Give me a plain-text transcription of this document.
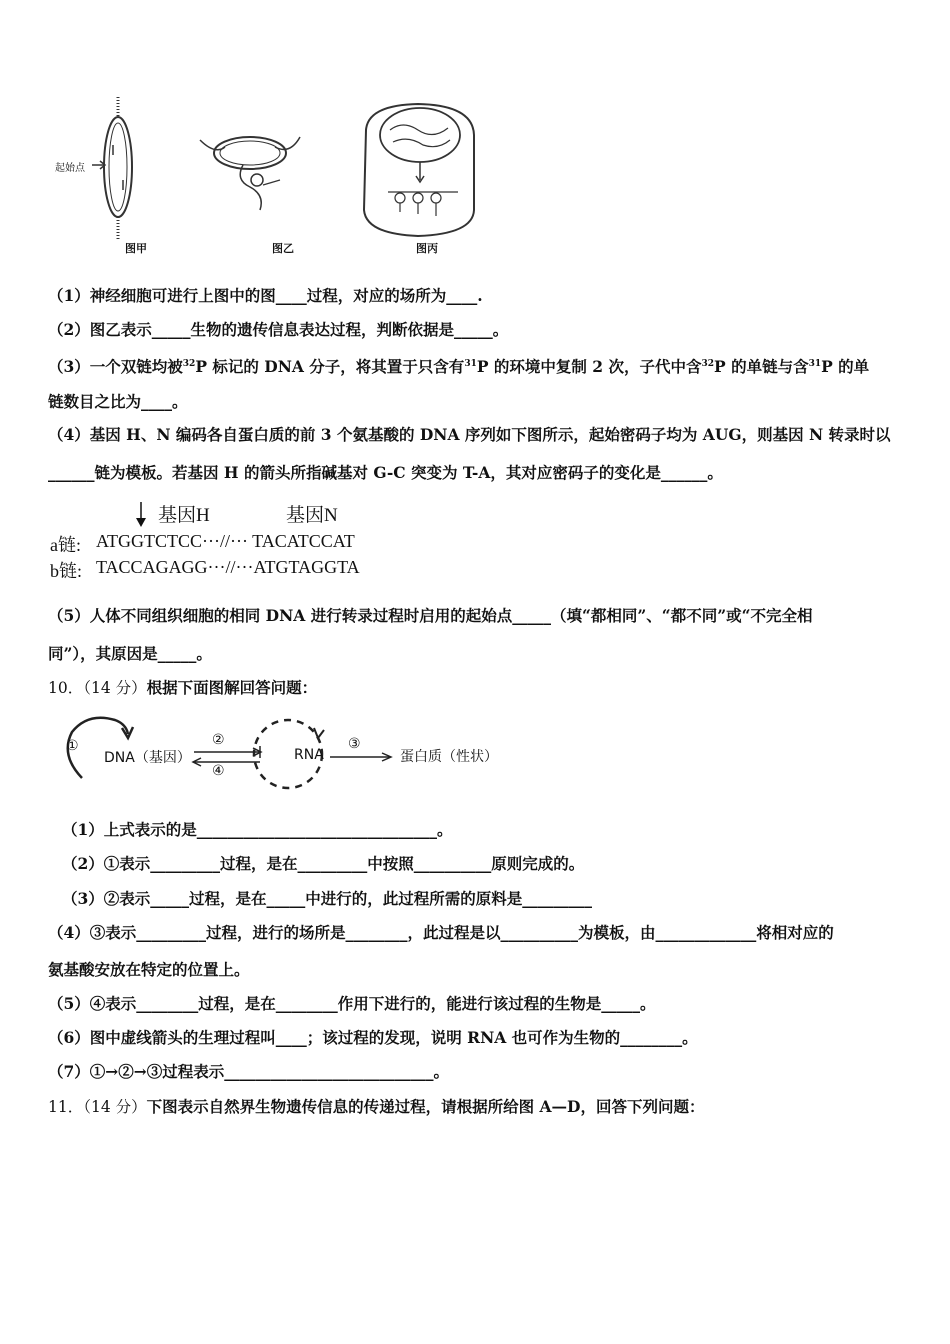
起始点
图甲	图乙	图丙
（1）神经细胞可进行上图中的图____过程，对应的场所为____.
（2）图乙表示_____生物的遗传信息表达过程，判断依据是_____。
（3）一个双链均被$^{32}$P 标记的 DNA 分子，将其置于只含有$^{31}$P 的环境中复制 2 次，子代中含$^{32}$P 的单链与含$^{31}$P 的单
链数目之比为____。
（4）基因 H、N 编码各自蛋白质的前 3 个氨基酸的 DNA 序列如下图所示，起始密码子均为 AUG，则基因 N 转录时以
______链为模板。若基因 H 的箭头所指碱基对 G-C 突变为 T-A，其对应密码子的变化是______。
基因H	基因N
a链: ATGGTCTCC···//··· TACATCCAT
b链: TACCAGAGG···//···ATGTAGGTA
（5）人体不同组织细胞的相同 DNA 进行转录过程时启用的起始点_____（填“都相同”、“都不同”或“不完全相
同”），其原因是_____。
10．（14 分）根据下面图解回答问题：
①
DNA（基因）
②
④
RNA
③
蛋白质（性状）
（1）上式表示的是_______________________________。
（2）①表示_________过程，是在_________中按照__________原则完成的。
（3）②表示_____过程，是在_____中进行的，此过程所需的原料是_________
（4）③表示_________过程，进行的场所是________，此过程是以__________为模板，由_____________将相对应的
氨基酸安放在特定的位置上。
（5）④表示________过程，是在________作用下进行的，能进行该过程的生物是_____。
（6）图中虚线箭头的生理过程叫____；该过程的发现，说明 RNA 也可作为生物的________。
（7）①→②→③过程表示___________________________。
11．（14 分）下图表示自然界生物遗传信息的传递过程，请根据所给图 A—D，回答下列问题：
